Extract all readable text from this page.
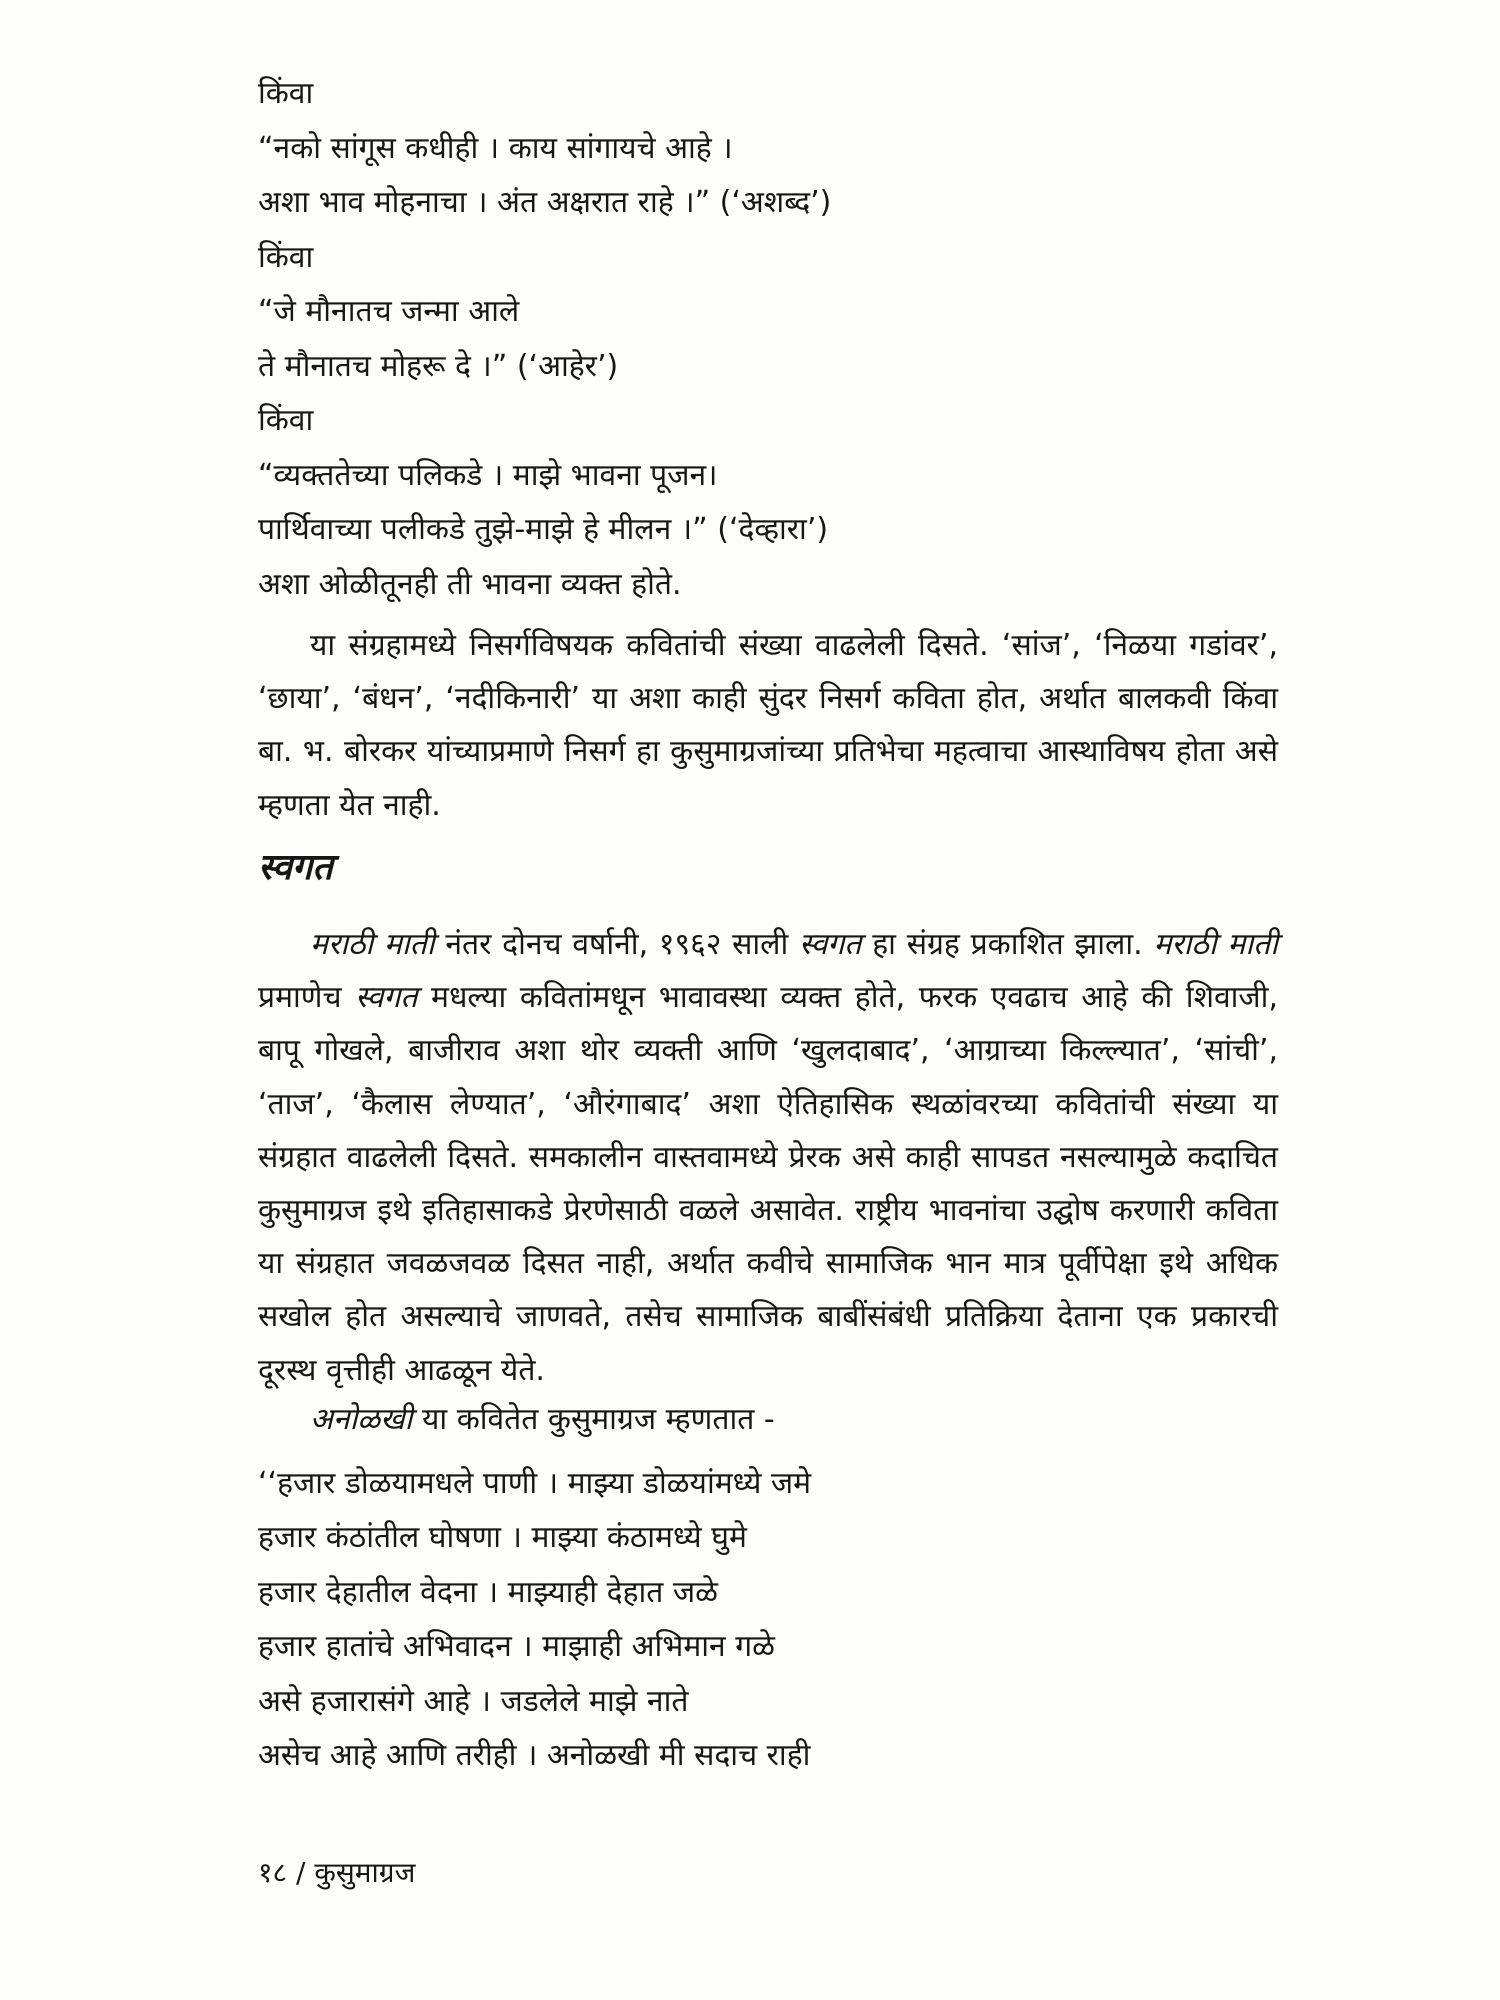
किंवा
“नको सांगूस कधीही । काय सांगायचे आहे ।
अशा भाव मोहनाचा । अंत अक्षरात राहे ।” (‘अशब्द’)
किंवा
“जे मौनातच जन्मा आले
ते मौनातच मोहरू दे ।” (‘आहेर’)
किंवा
“व्यक्ततेच्या पलिकडे । माझे भावना पूजन।
पार्थिवाच्या पलीकडे तुझे-माझे हे मीलन ।” (‘देव्हारा’)
अशा ओळीतूनही ती भावना व्यक्त होते.
या संग्रहामध्ये निसर्गविषयक कवितांची संख्या वाढलेली दिसते. ‘सांज’, ‘निळया गडांवर’, ‘छाया’, ‘बंधन’, ‘नदीकिनारी’ या अशा काही सुंदर निसर्ग कविता होत, अर्थात बालकवी किंवा बा. भ. बोरकर यांच्याप्रमाणे निसर्ग हा कुसुमाग्रजांच्या प्रतिभेचा महत्वाचा आस्थाविषय होता असे म्हणता येत नाही.
स्वगत
मराठी माती नंतर दोनच वर्षानी, १९६२ साली स्वगत हा संग्रह प्रकाशित झाला. मराठी माती प्रमाणेच स्वगत मधल्या कवितांमधून भावावस्था व्यक्त होते, फरक एवढाच आहे की शिवाजी, बापू गोखले, बाजीराव अशा थोर व्यक्ती आणि ‘खुलदाबाद’, ‘आग्राच्या किल्ल्यात’, ‘सांची’, ‘ताज’, ‘कैलास लेण्यात’, ‘औरंगाबाद’ अशा ऐतिहासिक स्थळांवरच्या कवितांची संख्या या संग्रहात वाढलेली दिसते. समकालीन वास्तवामध्ये प्रेरक असे काही सापडत नसल्यामुळे कदाचित कुसुमाग्रज इथे इतिहासाकडे प्रेरणेसाठी वळले असावेत. राष्ट्रीय भावनांचा उद्घोष करणारी कविता या संग्रहात जवळजवळ दिसत नाही, अर्थात कवीचे सामाजिक भान मात्र पूर्वीपेक्षा इथे अधिक सखोल होत असल्याचे जाणवते, तसेच सामाजिक बाबींसंबंधी प्रतिक्रिया देताना एक प्रकारची दूरस्थ वृत्तीही आढळून येते.
अनोळखी या कवितेत कुसुमाग्रज म्हणतात -
‘‘हजार डोळयामधले पाणी । माझ्या डोळयांमध्ये जमे
हजार कंठांतील घोषणा । माझ्या कंठामध्ये घुमे
हजार देहातील वेदना । माझ्याही देहात जळे
हजार हातांचे अभिवादन । माझाही अभिमान गळे
असे हजारासंगे आहे । जडलेले माझे नाते
असेच आहे आणि तरीही । अनोळखी मी सदाच राही
१८ / कुसुमाग्रज
